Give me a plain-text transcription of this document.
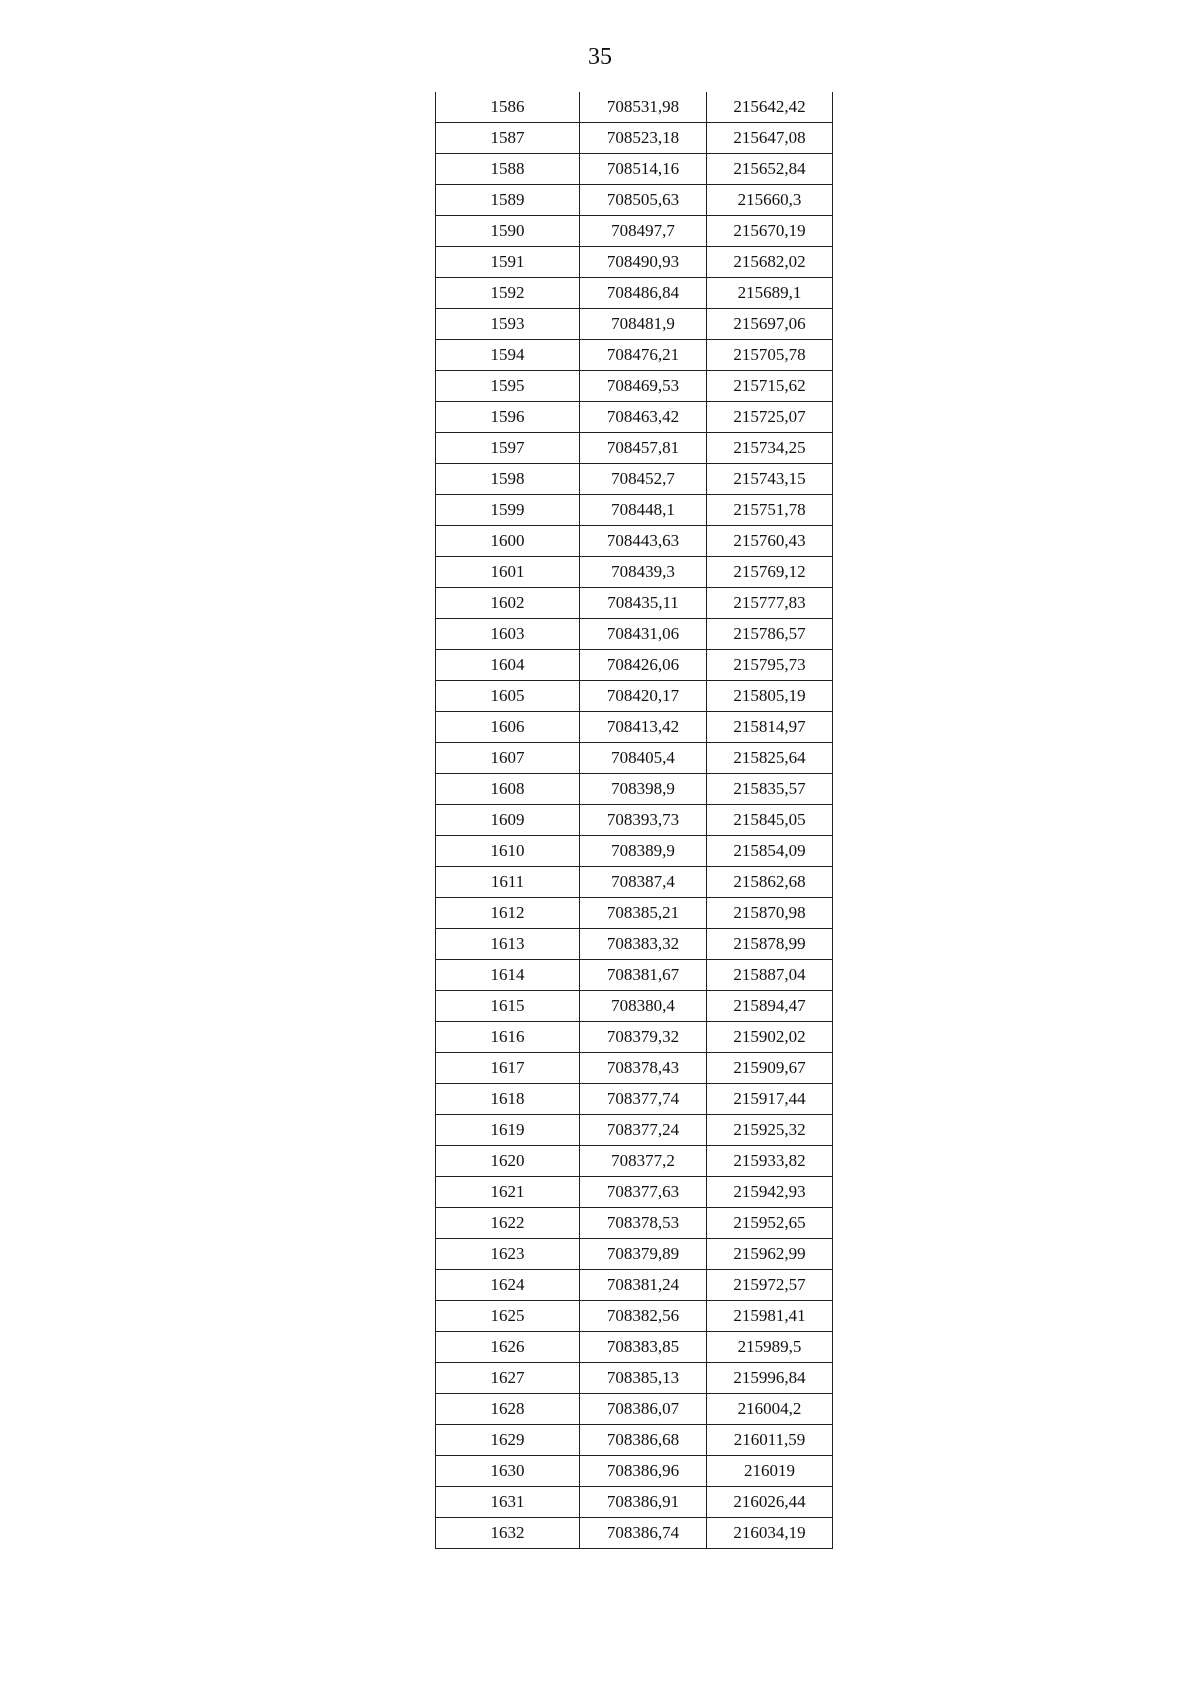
35
1586	708531,98	215642,42
1587	708523,18	215647,08
1588	708514,16	215652,84
1589	708505,63	215660,3
1590	708497,7	215670,19
1591	708490,93	215682,02
1592	708486,84	215689,1
1593	708481,9	215697,06
1594	708476,21	215705,78
1595	708469,53	215715,62
1596	708463,42	215725,07
1597	708457,81	215734,25
1598	708452,7	215743,15
1599	708448,1	215751,78
1600	708443,63	215760,43
1601	708439,3	215769,12
1602	708435,11	215777,83
1603	708431,06	215786,57
1604	708426,06	215795,73
1605	708420,17	215805,19
1606	708413,42	215814,97
1607	708405,4	215825,64
1608	708398,9	215835,57
1609	708393,73	215845,05
1610	708389,9	215854,09
1611	708387,4	215862,68
1612	708385,21	215870,98
1613	708383,32	215878,99
1614	708381,67	215887,04
1615	708380,4	215894,47
1616	708379,32	215902,02
1617	708378,43	215909,67
1618	708377,74	215917,44
1619	708377,24	215925,32
1620	708377,2	215933,82
1621	708377,63	215942,93
1622	708378,53	215952,65
1623	708379,89	215962,99
1624	708381,24	215972,57
1625	708382,56	215981,41
1626	708383,85	215989,5
1627	708385,13	215996,84
1628	708386,07	216004,2
1629	708386,68	216011,59
1630	708386,96	216019
1631	708386,91	216026,44
1632	708386,74	216034,19
